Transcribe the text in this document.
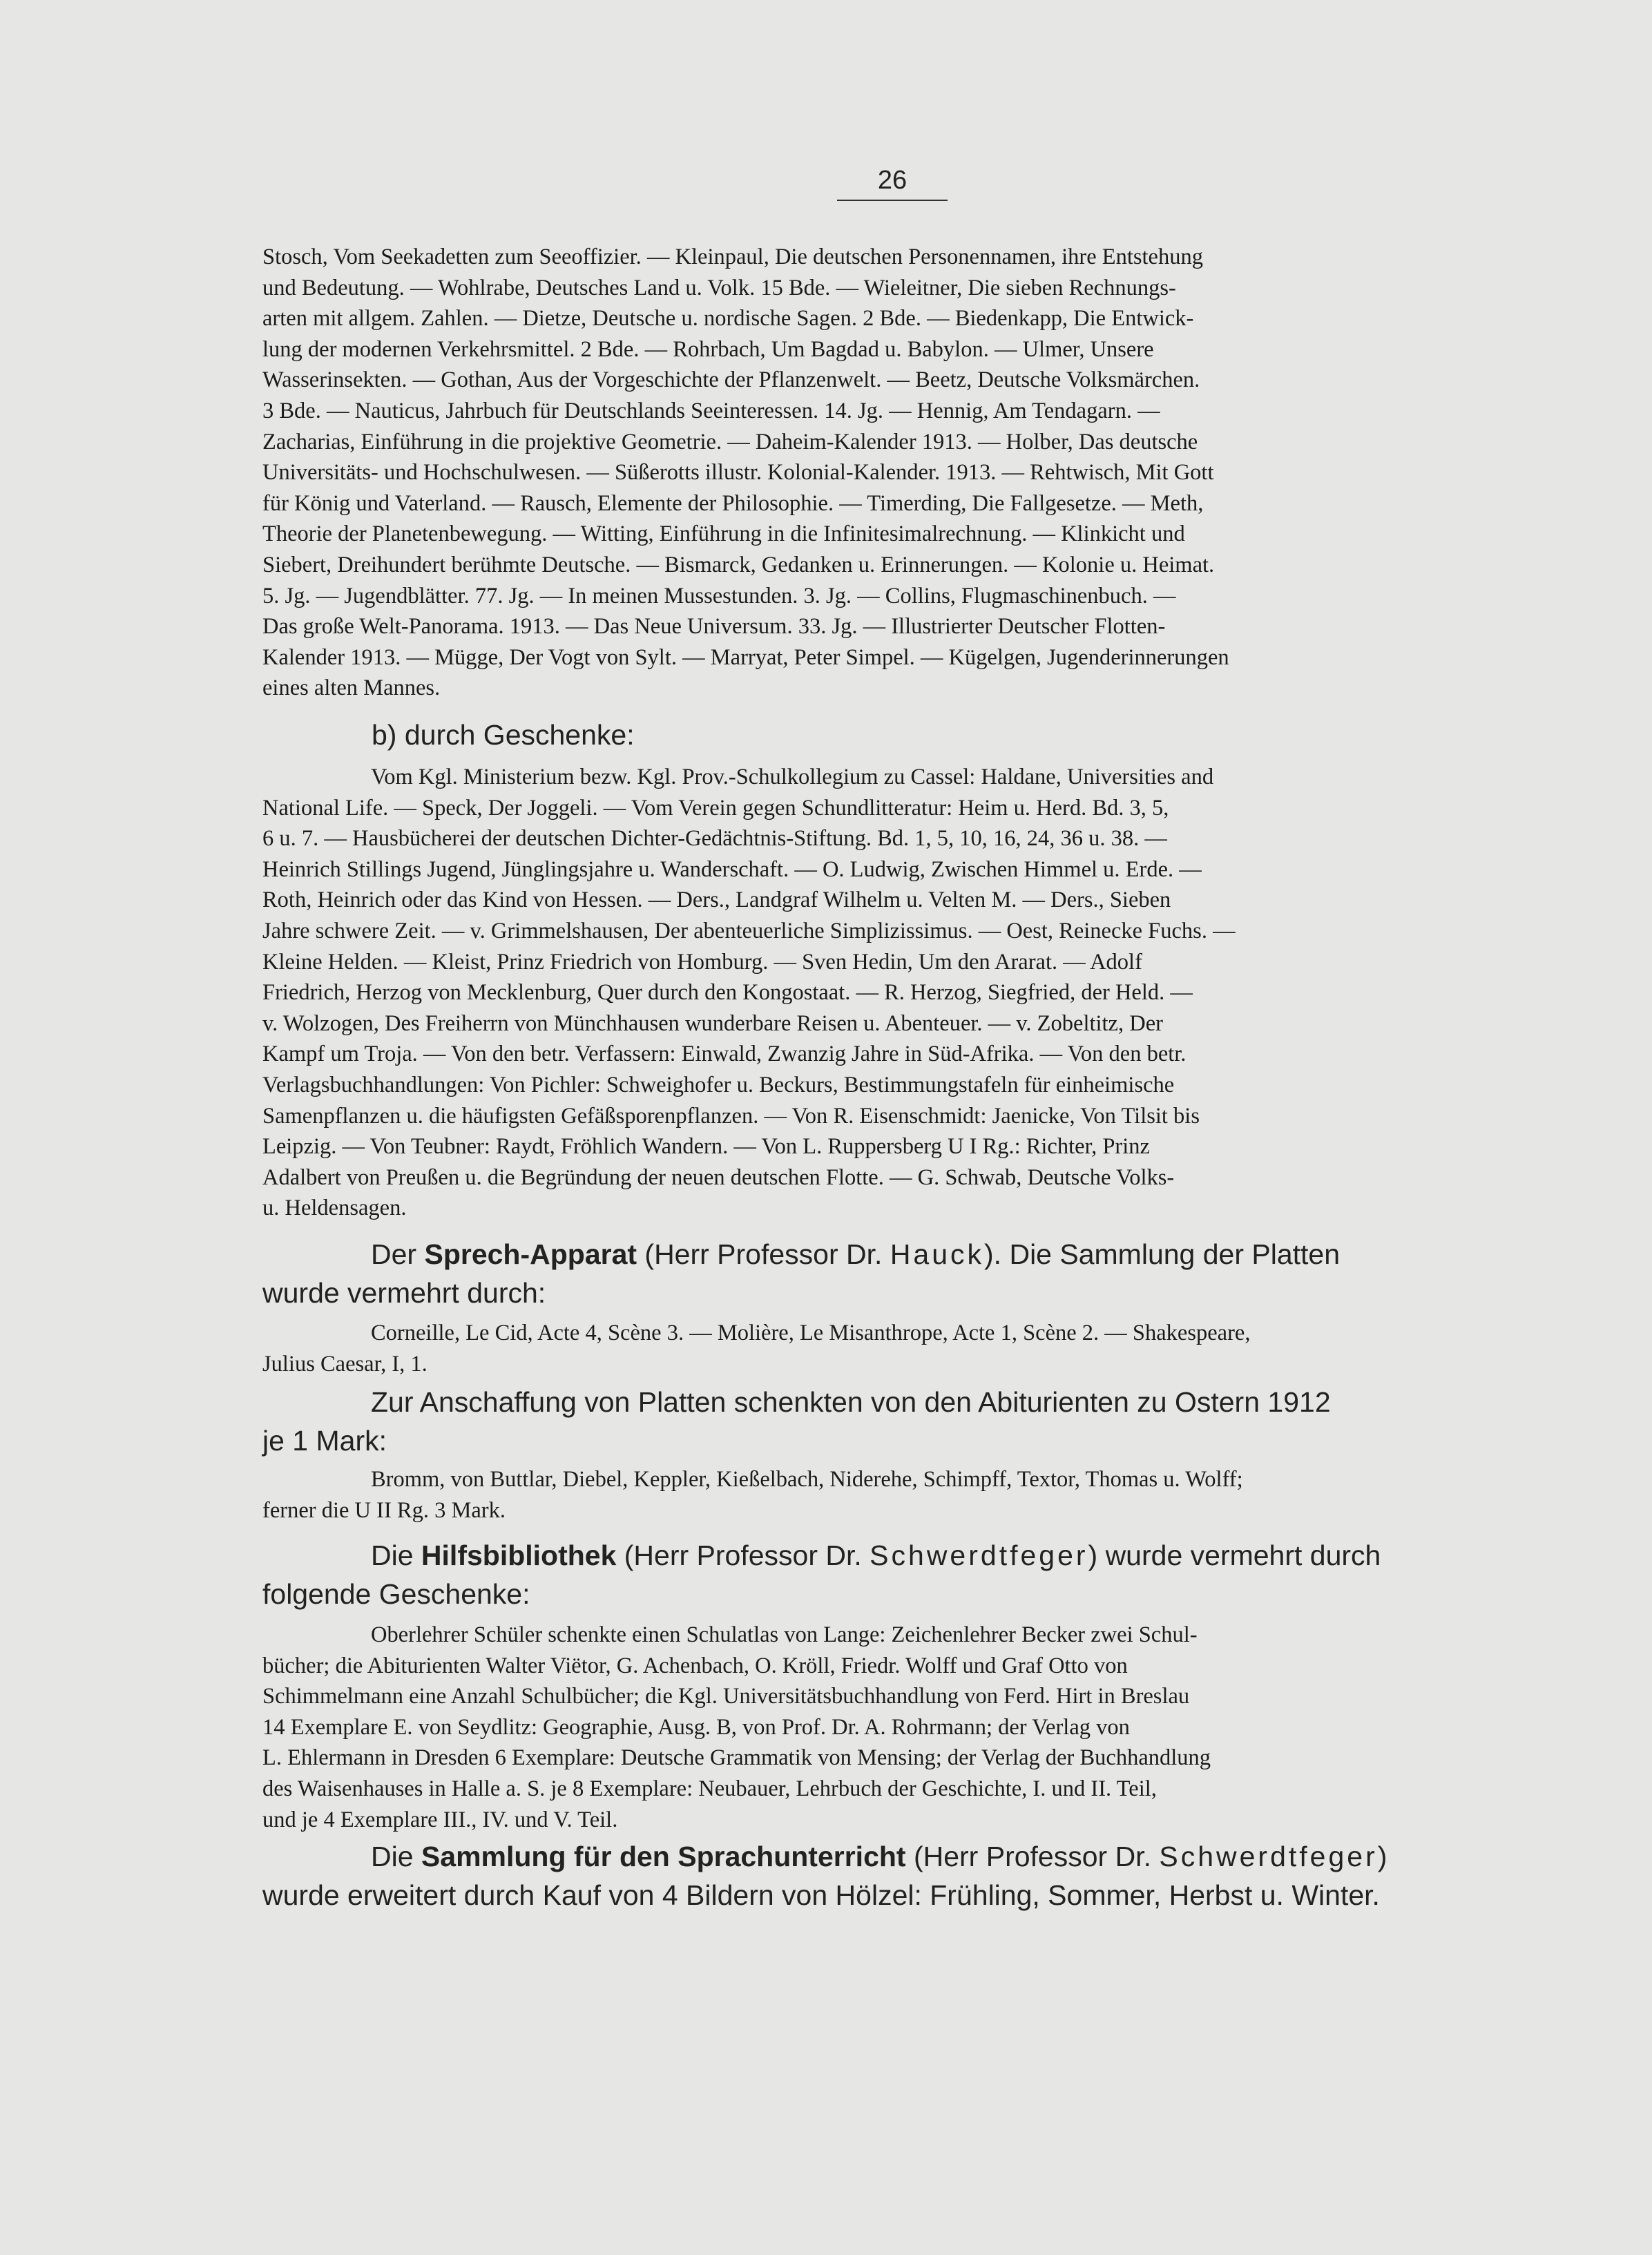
26
Stosch, Vom Seekadetten zum Seeoffizier. — Kleinpaul, Die deutschen Personennamen, ihre Entstehung
und Bedeutung. — Wohlrabe, Deutsches Land u. Volk. 15 Bde. — Wieleitner, Die sieben Rechnungs-
arten mit allgem. Zahlen. — Dietze, Deutsche u. nordische Sagen. 2 Bde. — Biedenkapp, Die Entwick-
lung der modernen Verkehrsmittel. 2 Bde. — Rohrbach, Um Bagdad u. Babylon. — Ulmer, Unsere
Wasserinsekten. — Gothan, Aus der Vorgeschichte der Pflanzenwelt. — Beetz, Deutsche Volksmärchen.
3 Bde. — Nauticus, Jahrbuch für Deutschlands Seeinteressen. 14. Jg. — Hennig, Am Tendagarn. —
Zacharias, Einführung in die projektive Geometrie. — Daheim-Kalender 1913. — Holber, Das deutsche
Universitäts- und Hochschulwesen. — Süßerotts illustr. Kolonial-Kalender. 1913. — Rehtwisch, Mit Gott
für König und Vaterland. — Rausch, Elemente der Philosophie. — Timerding, Die Fallgesetze. — Meth,
Theorie der Planetenbewegung. — Witting, Einführung in die Infinitesimalrechnung. — Klinkicht und
Siebert, Dreihundert berühmte Deutsche. — Bismarck, Gedanken u. Erinnerungen. — Kolonie u. Heimat.
5. Jg. — Jugendblätter. 77. Jg. — In meinen Mussestunden. 3. Jg. — Collins, Flugmaschinenbuch. —
Das große Welt-Panorama. 1913. — Das Neue Universum. 33. Jg. — Illustrierter Deutscher Flotten-
Kalender 1913. — Mügge, Der Vogt von Sylt. — Marryat, Peter Simpel. — Kügelgen, Jugenderinnerungen
eines alten Mannes.
b) durch Geschenke:
Vom Kgl. Ministerium bezw. Kgl. Prov.-Schulkollegium zu Cassel: Haldane, Universities and
National Life. — Speck, Der Joggeli. — Vom Verein gegen Schundlitteratur: Heim u. Herd. Bd. 3, 5,
6 u. 7. — Hausbücherei der deutschen Dichter-Gedächtnis-Stiftung. Bd. 1, 5, 10, 16, 24, 36 u. 38. —
Heinrich Stillings Jugend, Jünglingsjahre u. Wanderschaft. — O. Ludwig, Zwischen Himmel u. Erde. —
Roth, Heinrich oder das Kind von Hessen. — Ders., Landgraf Wilhelm u. Velten M. — Ders., Sieben
Jahre schwere Zeit. — v. Grimmelshausen, Der abenteuerliche Simplizissimus. — Oest, Reinecke Fuchs. —
Kleine Helden. — Kleist, Prinz Friedrich von Homburg. — Sven Hedin, Um den Ararat. — Adolf
Friedrich, Herzog von Mecklenburg, Quer durch den Kongostaat. — R. Herzog, Siegfried, der Held. —
v. Wolzogen, Des Freiherrn von Münchhausen wunderbare Reisen u. Abenteuer. — v. Zobeltitz, Der
Kampf um Troja. — Von den betr. Verfassern: Einwald, Zwanzig Jahre in Süd-Afrika. — Von den betr.
Verlagsbuchhandlungen: Von Pichler: Schweighofer u. Beckurs, Bestimmungstafeln für einheimische
Samenpflanzen u. die häufigsten Gefäßsporenpflanzen. — Von R. Eisenschmidt: Jaenicke, Von Tilsit bis
Leipzig. — Von Teubner: Raydt, Fröhlich Wandern. — Von L. Ruppersberg U I Rg.: Richter, Prinz
Adalbert von Preußen u. die Begründung der neuen deutschen Flotte. — G. Schwab, Deutsche Volks-
u. Heldensagen.
Der Sprech-Apparat (Herr Professor Dr. Hauck). Die Sammlung der Platten
wurde vermehrt durch:
Corneille, Le Cid, Acte 4, Scène 3. — Molière, Le Misanthrope, Acte 1, Scène 2. — Shakespeare,
Julius Caesar, I, 1.
Zur Anschaffung von Platten schenkten von den Abiturienten zu Ostern 1912
je 1 Mark:
Bromm, von Buttlar, Diebel, Keppler, Kießelbach, Niderehe, Schimpff, Textor, Thomas u. Wolff;
ferner die U II Rg. 3 Mark.
Die Hilfsbibliothek (Herr Professor Dr. Schwerdtfeger) wurde vermehrt durch
folgende Geschenke:
Oberlehrer Schüler schenkte einen Schulatlas von Lange: Zeichenlehrer Becker zwei Schul-
bücher; die Abiturienten Walter Viëtor, G. Achenbach, O. Kröll, Friedr. Wolff und Graf Otto von
Schimmelmann eine Anzahl Schulbücher; die Kgl. Universitätsbuchhandlung von Ferd. Hirt in Breslau
14 Exemplare E. von Seydlitz: Geographie, Ausg. B, von Prof. Dr. A. Rohrmann; der Verlag von
L. Ehlermann in Dresden 6 Exemplare: Deutsche Grammatik von Mensing; der Verlag der Buchhandlung
des Waisenhauses in Halle a. S. je 8 Exemplare: Neubauer, Lehrbuch der Geschichte, I. und II. Teil,
und je 4 Exemplare III., IV. und V. Teil.
Die Sammlung für den Sprachunterricht (Herr Professor Dr. Schwerdtfeger)
wurde erweitert durch Kauf von 4 Bildern von Hölzel: Frühling, Sommer, Herbst u. Winter.
